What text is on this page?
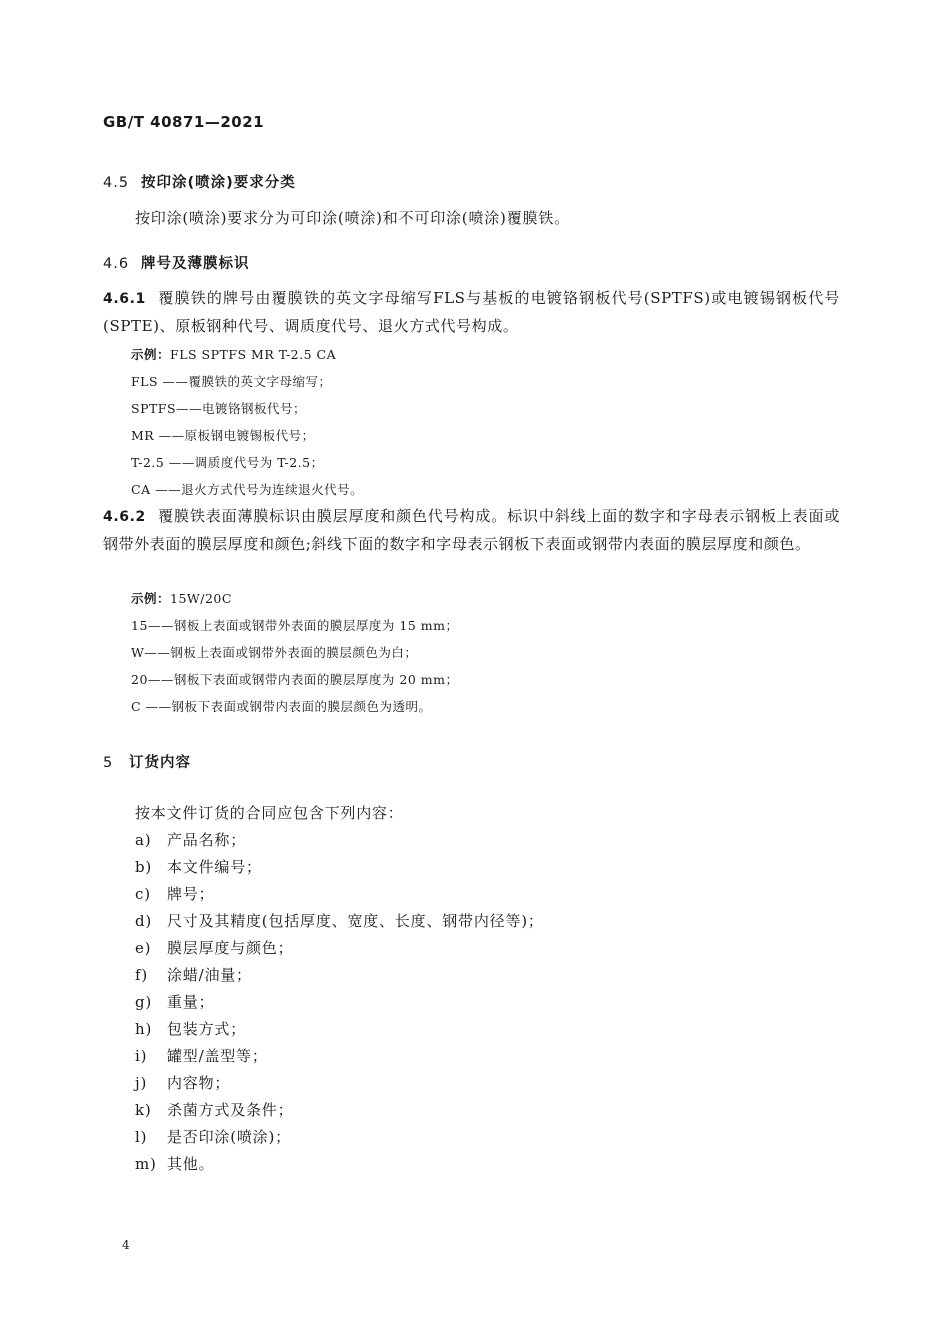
GB/T 40871—2021
4.5 按印涂(喷涂)要求分类
按印涂(喷涂)要求分为可印涂(喷涂)和不可印涂(喷涂)覆膜铁。
4.6 牌号及薄膜标识
4.6.1 覆膜铁的牌号由覆膜铁的英文字母缩写FLS与基板的电镀铬钢板代号(SPTFS)或电镀锡钢板代号(SPTE)、原板钢种代号、调质度代号、退火方式代号构成。
示例：FLS SPTFS MR T-2.5 CA
FLS ——覆膜铁的英文字母缩写；
SPTFS——电镀铬钢板代号；
MR ——原板钢电镀锡板代号；
T-2.5 ——调质度代号为 T-2.5；
CA ——退火方式代号为连续退火代号。
4.6.2 覆膜铁表面薄膜标识由膜层厚度和颜色代号构成。标识中斜线上面的数字和字母表示钢板上表面或钢带外表面的膜层厚度和颜色;斜线下面的数字和字母表示钢板下表面或钢带内表面的膜层厚度和颜色。
示例：15W/20C
15——钢板上表面或钢带外表面的膜层厚度为 15 mm；
W——钢板上表面或钢带外表面的膜层颜色为白；
20——钢板下表面或钢带内表面的膜层厚度为 20 mm；
C ——钢板下表面或钢带内表面的膜层颜色为透明。
5 订货内容
按本文件订货的合同应包含下列内容：
a) 产品名称；
b) 本文件编号；
c) 牌号；
d) 尺寸及其精度(包括厚度、宽度、长度、钢带内径等)；
e) 膜层厚度与颜色；
f) 涂蜡/油量；
g) 重量；
h) 包装方式；
i) 罐型/盖型等；
j) 内容物；
k) 杀菌方式及条件；
l) 是否印涂(喷涂)；
m) 其他。
4
